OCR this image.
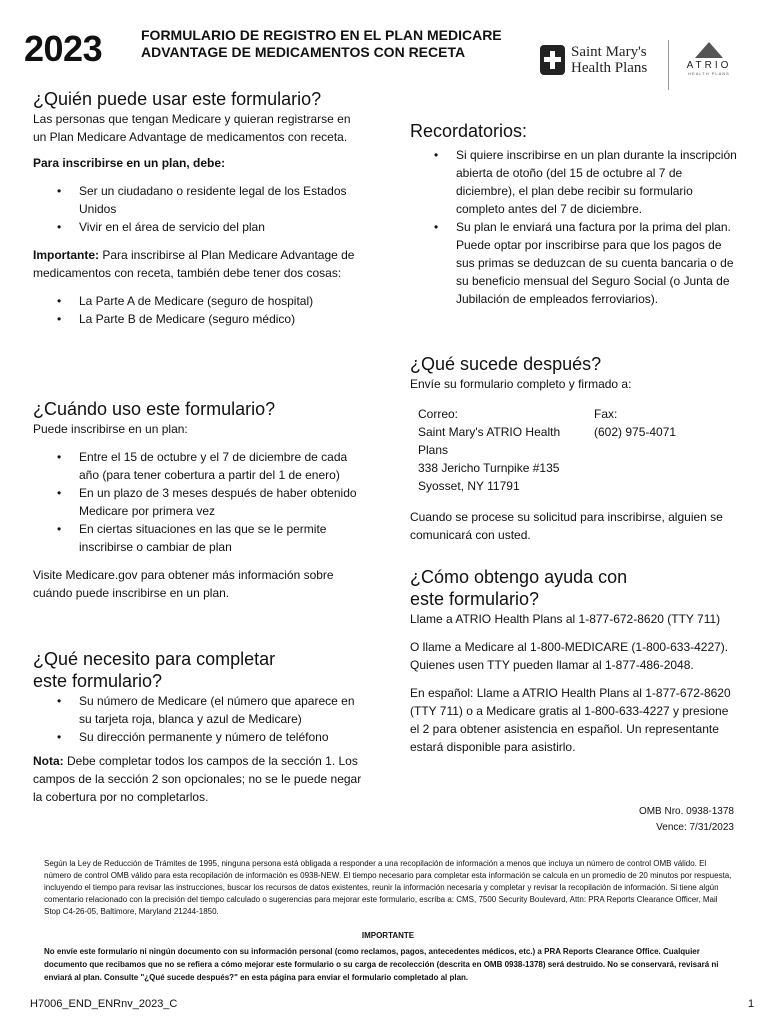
2023	FORMULARIO DE REGISTRO EN EL PLAN MEDICARE
ADVANTAGE DE MEDICAMENTOS CON RECETA	Saint Mary's
Health Plans	ATRIO
HEALTH PLANS
¿Quién puede usar este formulario?

Las personas que tengan Medicare y quieran registrarse en un Plan Medicare Advantage de medicamentos con receta.

Para inscribirse en un plan, debe:

• Ser un ciudadano o residente legal de los Estados Unidos
• Vivir en el área de servicio del plan

Importante: Para inscribirse al Plan Medicare Advantage de medicamentos con receta, también debe tener dos cosas:

• La Parte A de Medicare (seguro de hospital)
• La Parte B de Medicare (seguro médico)
¿Cuándo uso este formulario?

Puede inscribirse en un plan:

• Entre el 15 de octubre y el 7 de diciembre de cada año (para tener cobertura a partir del 1 de enero)
• En un plazo de 3 meses después de haber obtenido Medicare por primera vez
• En ciertas situaciones en las que se le permite inscribirse o cambiar de plan

Visite Medicare.gov para obtener más información sobre cuándo puede inscribirse en un plan.

¿Qué necesito para completar
este formulario?
• Su número de Medicare (el número que aparece en su tarjeta roja, blanca y azul de Medicare)
• Su dirección permanente y número de teléfono

Nota: Debe completar todos los campos de la sección 1. Los campos de la sección 2 son opcionales; no se le puede negar la cobertura por no completarlos.

Recordatorios:
• Si quiere inscribirse en un plan durante la inscripción abierta de otoño (del 15 de octubre al 7 de diciembre), el plan debe recibir su formulario completo antes del 7 de diciembre.
• Su plan le enviará una factura por la prima del plan. Puede optar por inscribirse para que los pagos de sus primas se deduzcan de su cuenta bancaria o de su beneficio mensual del Seguro Social (o Junta de Jubilación de empleados ferroviarios).
¿Qué sucede después?

Envíe su formulario completo y firmado a:

Correo:
Saint Mary's ATRIO Health Plans
338 Jericho Turnpike #135
Syosset, NY 11791
Fax:
(602) 975-4071

Cuando se procese su solicitud para inscribirse, alguien se comunicará con usted.

¿Cómo obtengo ayuda con
este formulario?

Llame a ATRIO Health Plans al 1-877-672-8620 (TTY 711)

O llame a Medicare al 1-800-MEDICARE (1-800-633-4227). Quienes usen TTY pueden llamar al 1-877-486-2048.

En español: Llame a ATRIO Health Plans al 1-877-672-8620 (TTY 711) o a Medicare gratis al 1-800-633-4227 y presione el 2 para obtener asistencia en español. Un representante estará disponible para asistirlo.

OMB Nro. 0938-1378
Vence: 7/31/2023
Según la Ley de Reducción de Trámites de 1995, ninguna persona está obligada a responder a una recopilación de información a menos que incluya un número de control OMB válido. El número de control OMB válido para esta recopilación de información es 0938-NEW. El tiempo necesario para completar esta información se calcula en un promedio de 20 minutos por respuesta, incluyendo el tiempo para revisar las instrucciones, buscar los recursos de datos existentes, reunir la información necesaria y completar y revisar la recopilación de información. Si tiene algún comentario relacionado con la precisión del tiempo calculado o sugerencias para mejorar este formulario, escriba a: CMS, 7500 Security Boulevard, Attn: PRA Reports Clearance Officer, Mail Stop C4-26-05, Baltimore, Maryland 21244-1850.
IMPORTANTE
No envíe este formulario ni ningún documento con su información personal (como reclamos, pagos, antecedentes médicos, etc.) a PRA Reports Clearance Office. Cualquier documento que recibamos que no se refiera a cómo mejorar este formulario o su carga de recolección (descrita en OMB 0938-1378) será destruido. No se conservará, revisará ni enviará al plan. Consulte "¿Qué sucede después?" en esta página para enviar el formulario completado al plan.
H7006_END_ENRnv_2023_C	1
